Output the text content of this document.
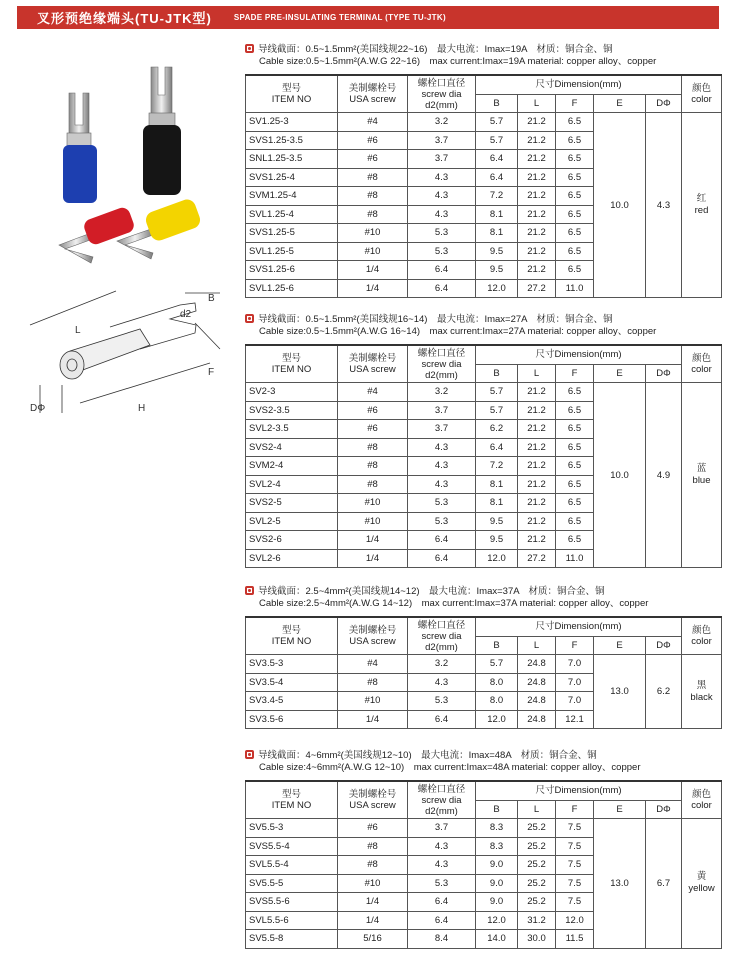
叉形预绝缘端头(TU-JTK型)	SPADE PRE-INSULATING TERMINAL (TYPE TU-JTK)
B
d2
L
F
DΦ	H
导线截面：0.5~1.5mm²(美国线规22~16)　最大电流：Imax=19A　材质：铜合金、铜
Cable size:0.5~1.5mm²(A.W.G 22~16)　max current:Imax=19A material: copper alloy、copper
型号
ITEM NO	美制螺栓号
USA screw	螺栓口直径
screw dia
d2(mm)	尺寸Dimension(mm)					颜色
color
			B	L	F	E	DΦ	
SV1.25-3	#4	3.2	5.7	21.2	6.5	10.0	4.3	红
red
SVS1.25-3.5	#6	3.7	5.7	21.2	6.5			
SNL1.25-3.5	#6	3.7	6.4	21.2	6.5			
SVS1.25-4	#8	4.3	6.4	21.2	6.5			
SVM1.25-4	#8	4.3	7.2	21.2	6.5			
SVL1.25-4	#8	4.3	8.1	21.2	6.5			
SVS1.25-5	#10	5.3	8.1	21.2	6.5			
SVL1.25-5	#10	5.3	9.5	21.2	6.5			
SVS1.25-6	1/4	6.4	9.5	21.2	6.5			
SVL1.25-6	1/4	6.4	12.0	27.2	11.0			
导线截面：0.5~1.5mm²(美国线规16~14)　最大电流：Imax=27A　材质：铜合金、铜
Cable size:0.5~1.5mm²(A.W.G 16~14)　max current:Imax=27A material: copper alloy、copper
型号
ITEM NO	美制螺栓号
USA screw	螺栓口直径
screw dia
d2(mm)	尺寸Dimension(mm)					颜色
color
			B	L	F	E	DΦ	
SV2-3	#4	3.2	5.7	21.2	6.5	10.0	4.9	蓝
blue
SVS2-3.5	#6	3.7	5.7	21.2	6.5			
SVL2-3.5	#6	3.7	6.2	21.2	6.5			
SVS2-4	#8	4.3	6.4	21.2	6.5			
SVM2-4	#8	4.3	7.2	21.2	6.5			
SVL2-4	#8	4.3	8.1	21.2	6.5			
SVS2-5	#10	5.3	8.1	21.2	6.5			
SVL2-5	#10	5.3	9.5	21.2	6.5			
SVS2-6	1/4	6.4	9.5	21.2	6.5			
SVL2-6	1/4	6.4	12.0	27.2	11.0			
导线截面：2.5~4mm²(美国线规14~12)　最大电流：Imax=37A　材质：铜合金、铜
Cable size:2.5~4mm²(A.W.G 14~12)　max current:Imax=37A material: copper alloy、copper
型号
ITEM NO	美制螺栓号
USA screw	螺栓口直径
screw dia
d2(mm)	尺寸Dimension(mm)					颜色
color
			B	L	F	E	DΦ	
SV3.5-3	#4	3.2	5.7	24.8	7.0	13.0	6.2	黑
black
SV3.5-4	#8	4.3	8.0	24.8	7.0			
SV3.4-5	#10	5.3	8.0	24.8	7.0			
SV3.5-6	1/4	6.4	12.0	24.8	12.1			
导线截面：4~6mm²(美国线规12~10)　最大电流：Imax=48A　材质：铜合金、铜
Cable size:4~6mm²(A.W.G 12~10)　max current:Imax=48A material: copper alloy、copper
型号
ITEM NO	美制螺栓号
USA screw	螺栓口直径
screw dia
d2(mm)	尺寸Dimension(mm)					颜色
color
			B	L	F	E	DΦ	
SV5.5-3	#6	3.7	8.3	25.2	7.5	13.0	6.7	黄
yellow
SVS5.5-4	#8	4.3	8.3	25.2	7.5			
SVL5.5-4	#8	4.3	9.0	25.2	7.5			
SV5.5-5	#10	5.3	9.0	25.2	7.5			
SVS5.5-6	1/4	6.4	9.0	25.2	7.5			
SVL5.5-6	1/4	6.4	12.0	31.2	12.0			
SV5.5-8	5/16	8.4	14.0	30.0	11.5			
